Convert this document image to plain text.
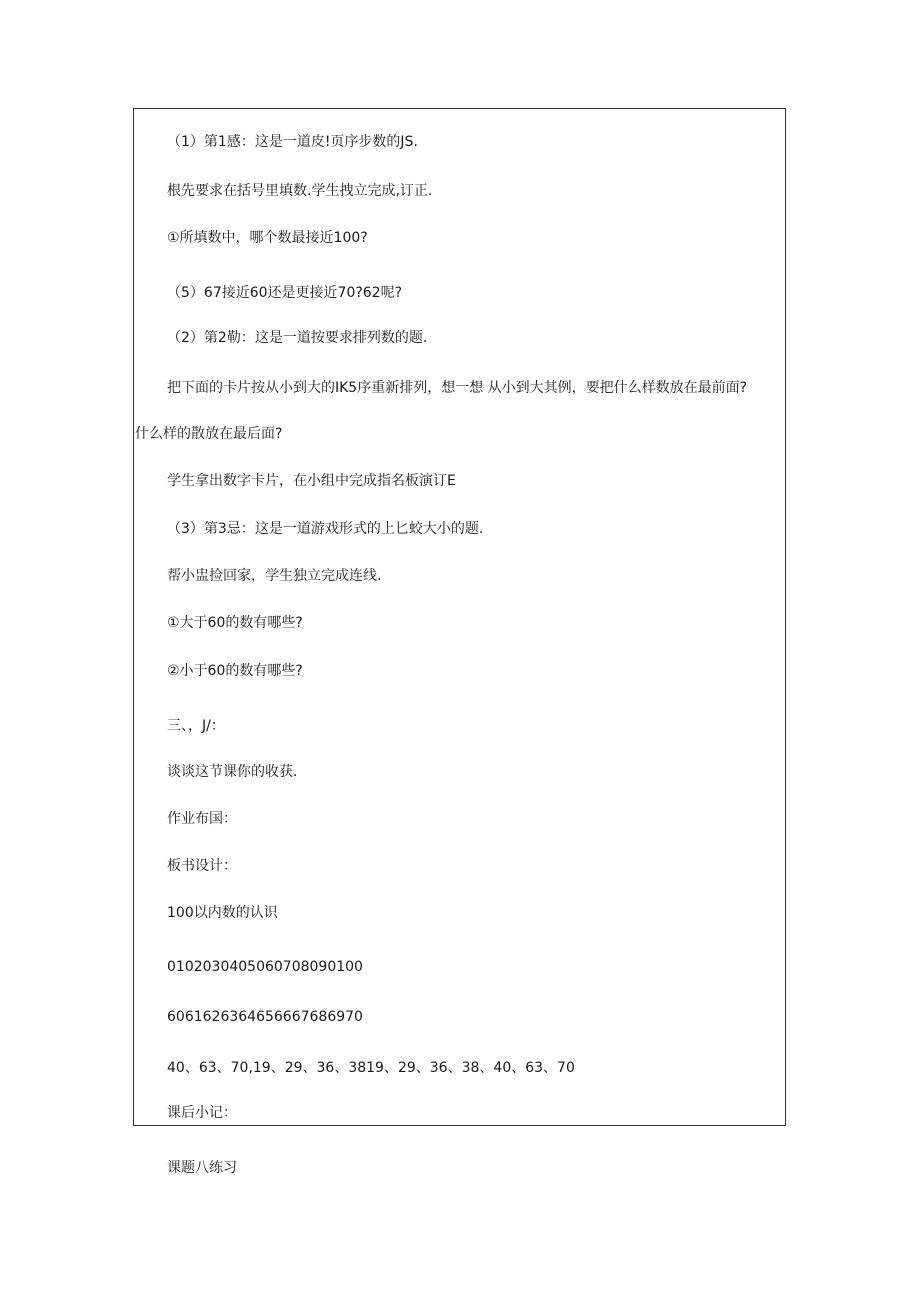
（1）第1感：这是一道皮!页序步数的JS.
根先要求在括号里填数.学生拽立完成,订正.
①所填数中，哪个数最接近100?
（5）67接近60还是更接近70?62呢?
（2）第2勒：这是一道按要求排列数的题.
把下面的卡片按从小到大的IK5序重新排列，想一想 从小到大其例，要把什么样数放在最前面?
什么样的散放在最后面?
学生拿出数字卡片，在小组中完成指名板演订E
（3）第3忌：这是一道游戏形式的上匕蛟大小的题.
帮小盅捡回家，学生独立完成连线.
①大于60的数有哪些?
②小于60的数有哪些?
三、，J/：
谈谈这节课你的收获.
作业布国：
板书设计：
100以内数的认识
0102030405060708090100
6061626364656667686970
40、63、70,19、29、36、3819、29、36、38、40、63、70
课后小记：
课题八练习
